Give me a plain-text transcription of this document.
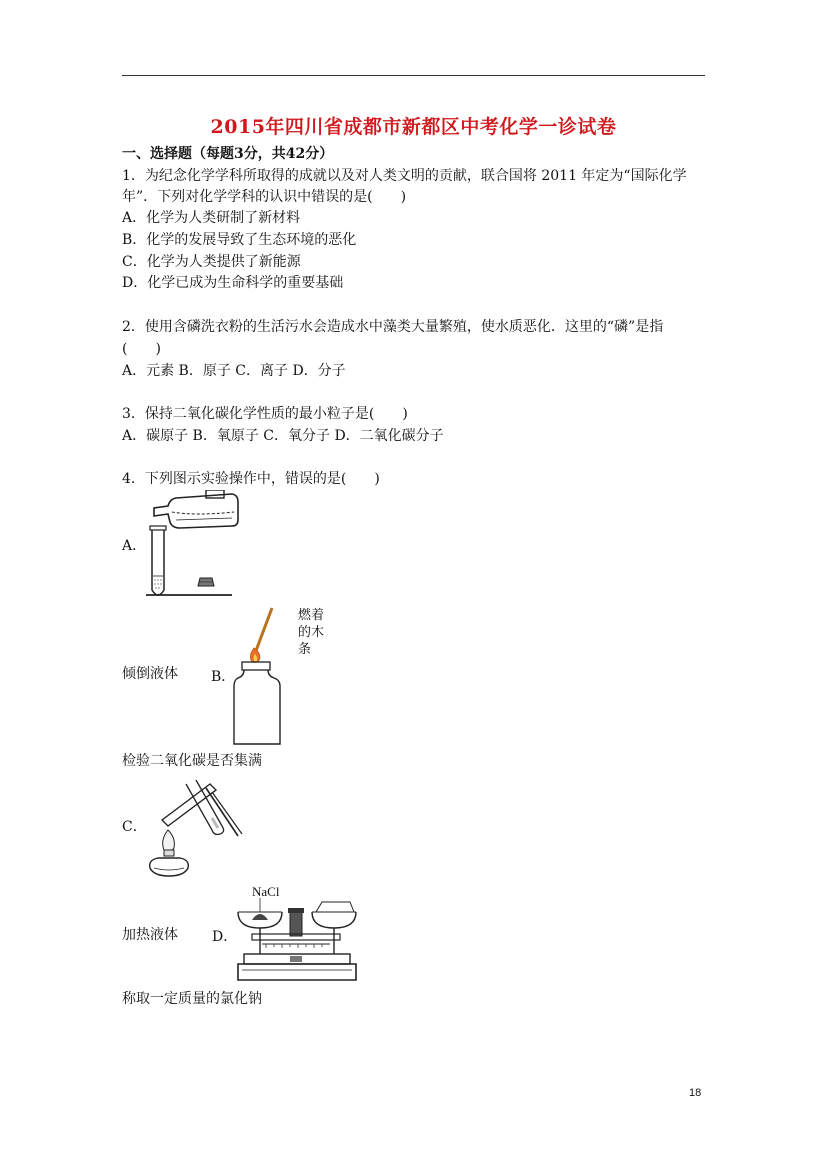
2015年四川省成都市新都区中考化学一诊试卷
一、选择题（每题3分，共42分）
1．为纪念化学学科所取得的成就以及对人类文明的贡献，联合国将 2011 年定为“国际化学
年”．下列对化学学科的认识中错误的是(　　)
A．化学为人类研制了新材料
B．化学的发展导致了生态环境的恶化
C．化学为人类提供了新能源
D．化学已成为生命科学的重要基础
2．使用含磷洗衣粉的生活污水会造成水中藻类大量繁殖，使水质恶化．这里的“磷”是指
(　　)
A．元素 B．原子 C．离子 D．分子
3．保持二氧化碳化学性质的最小粒子是(　　)
A．碳原子 B．氧原子 C．氧分子 D．二氧化碳分子
4．下列图示实验操作中，错误的是(　　)
A．
倾倒液体 B．
燃着
的木
条
检验二氧化碳是否集满
C．
加热液体 D．
NaCl
称取一定质量的氯化钠
18
